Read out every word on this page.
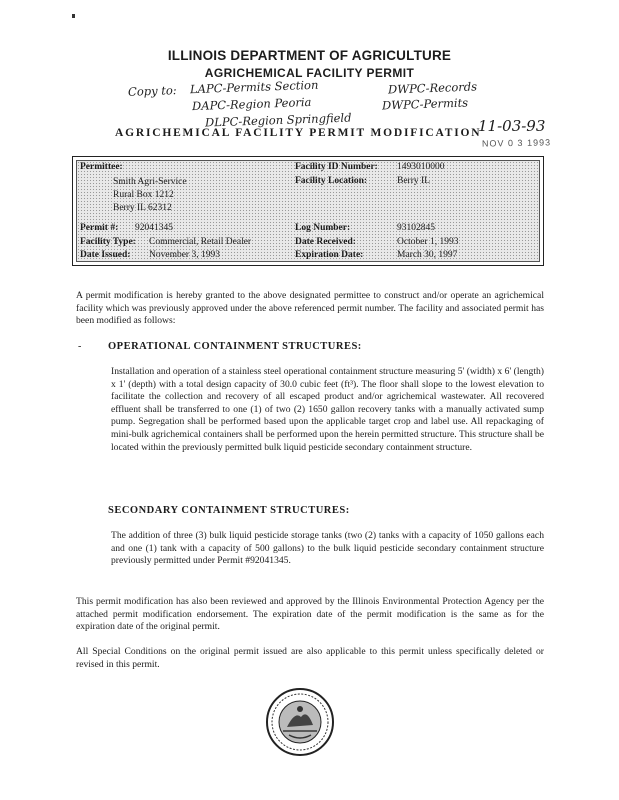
ILLINOIS DEPARTMENT OF AGRICULTURE
AGRICHEMICAL FACILITY PERMIT
Copy to: LAPC-Permits Section
DAPC-Region Peoria
DLPC-Region Springfield
DWPC-Records
DWPC-Permits
11-03-93
AGRICHEMICAL FACILITY PERMIT MODIFICATION
NOV 0 3 1993
Permittee:
Smith Agri-Service
Rural Box 1212
Berry IL 62312
Facility ID Number: 1493010000
Facility Location:	Berry IL
Permit #: 92041345	Log Number:	93102845
Facility Type: Commercial, Retail Dealer	Date Received:	October 1, 1993
Date Issued: November 3, 1993	Expiration Date:	March 30, 1997
A permit modification is hereby granted to the above designated permittee to construct and/or operate an agrichemical facility which was previously approved under the above referenced permit number. The facility and associated permit has been modified as follows:
-	OPERATIONAL CONTAINMENT STRUCTURES:
Installation and operation of a stainless steel operational containment structure measuring 5' (width) x 6' (length) x 1' (depth) with a total design capacity of 30.0 cubic feet (ft³). The floor shall slope to the lowest elevation to facilitate the collection and recovery of all escaped product and/or agrichemical wastewater. All recovered effluent shall be transferred to one (1) of two (2) 1650 gallon recovery tanks with a manually activated sump pump. Segregation shall be performed based upon the applicable target crop and label use. All repackaging of mini-bulk agrichemical containers shall be performed upon the herein permitted structure. This structure shall be located within the previously permitted bulk liquid pesticide secondary containment structure.
SECONDARY CONTAINMENT STRUCTURES:
The addition of three (3) bulk liquid pesticide storage tanks (two (2) tanks with a capacity of 1050 gallons each and one (1) tank with a capacity of 500 gallons) to the bulk liquid pesticide secondary containment structure previously permitted under Permit #92041345.
This permit modification has also been reviewed and approved by the Illinois Environmental Protection Agency per the attached permit modification endorsement. The expiration date of the permit modification is the same as for the expiration date of the original permit.
All Special Conditions on the original permit issued are also applicable to this permit unless specifically deleted or revised in this permit.
